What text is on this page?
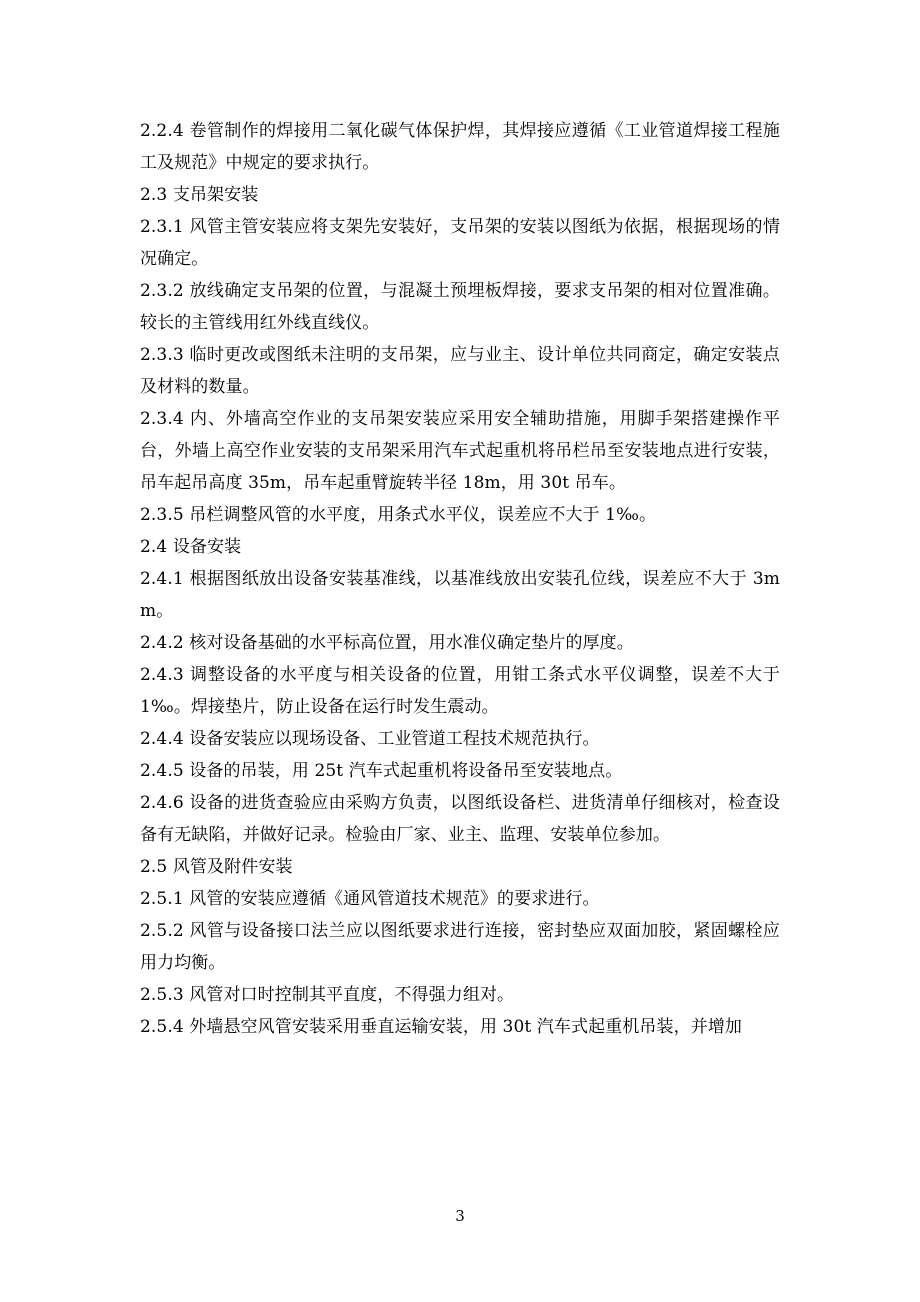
2.2.4 卷管制作的焊接用二氧化碳气体保护焊，其焊接应遵循《工业管道焊接工程施工及规范》中规定的要求执行。

2.3 支吊架安装

2.3.1 风管主管安装应将支架先安装好，支吊架的安装以图纸为依据，根据现场的情况确定。

2.3.2 放线确定支吊架的位置，与混凝土预埋板焊接，要求支吊架的相对位置准确。较长的主管线用红外线直线仪。

2.3.3 临时更改或图纸未注明的支吊架，应与业主、设计单位共同商定，确定安装点及材料的数量。

2.3.4 内、外墙高空作业的支吊架安装应采用安全辅助措施，用脚手架搭建操作平台，外墙上高空作业安装的支吊架采用汽车式起重机将吊栏吊至安装地点进行安装，吊车起吊高度 35m，吊车起重臂旋转半径 18m，用 30t 吊车。

2.3.5 吊栏调整风管的水平度，用条式水平仪，误差应不大于 1‰。

2.4 设备安装

2.4.1 根据图纸放出设备安装基准线，以基准线放出安装孔位线，误差应不大于 3mm。

2.4.2 核对设备基础的水平标高位置，用水准仪确定垫片的厚度。

2.4.3 调整设备的水平度与相关设备的位置，用钳工条式水平仪调整，误差不大于 1‰。焊接垫片，防止设备在运行时发生震动。

2.4.4 设备安装应以现场设备、工业管道工程技术规范执行。

2.4.5 设备的吊装，用 25t 汽车式起重机将设备吊至安装地点。

2.4.6 设备的进货查验应由采购方负责，以图纸设备栏、进货清单仔细核对，检查设备有无缺陷，并做好记录。检验由厂家、业主、监理、安装单位参加。

2.5 风管及附件安装

2.5.1 风管的安装应遵循《通风管道技术规范》的要求进行。

2.5.2 风管与设备接口法兰应以图纸要求进行连接，密封垫应双面加胶，紧固螺栓应用力均衡。

2.5.3 风管对口时控制其平直度，不得强力组对。

2.5.4 外墙悬空风管安装采用垂直运输安装，用 30t 汽车式起重机吊装，并增加

3
